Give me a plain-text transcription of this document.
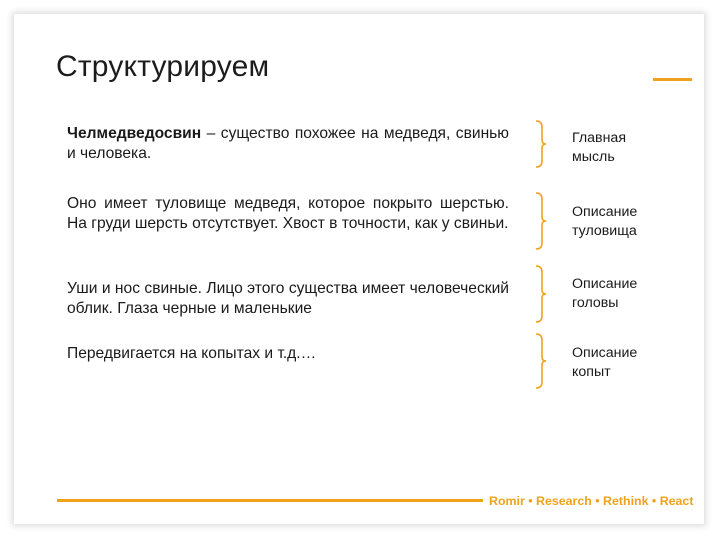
Структурируем
Челмедведосвин – существо похожее на медведя, свинью и человека.
Главная
мысль
Оно имеет туловище медведя, которое покрыто шерстью. На груди шерсть отсутствует. Хвост в точности, как у свиньи.
Описание
туловища
Уши и нос свиные. Лицо этого существа имеет человеческий облик. Глаза черные и маленькие
Описание
головы
Передвигается на копытах и т.д.…	Описание
копыт
Romir • Research • Rethink • React
